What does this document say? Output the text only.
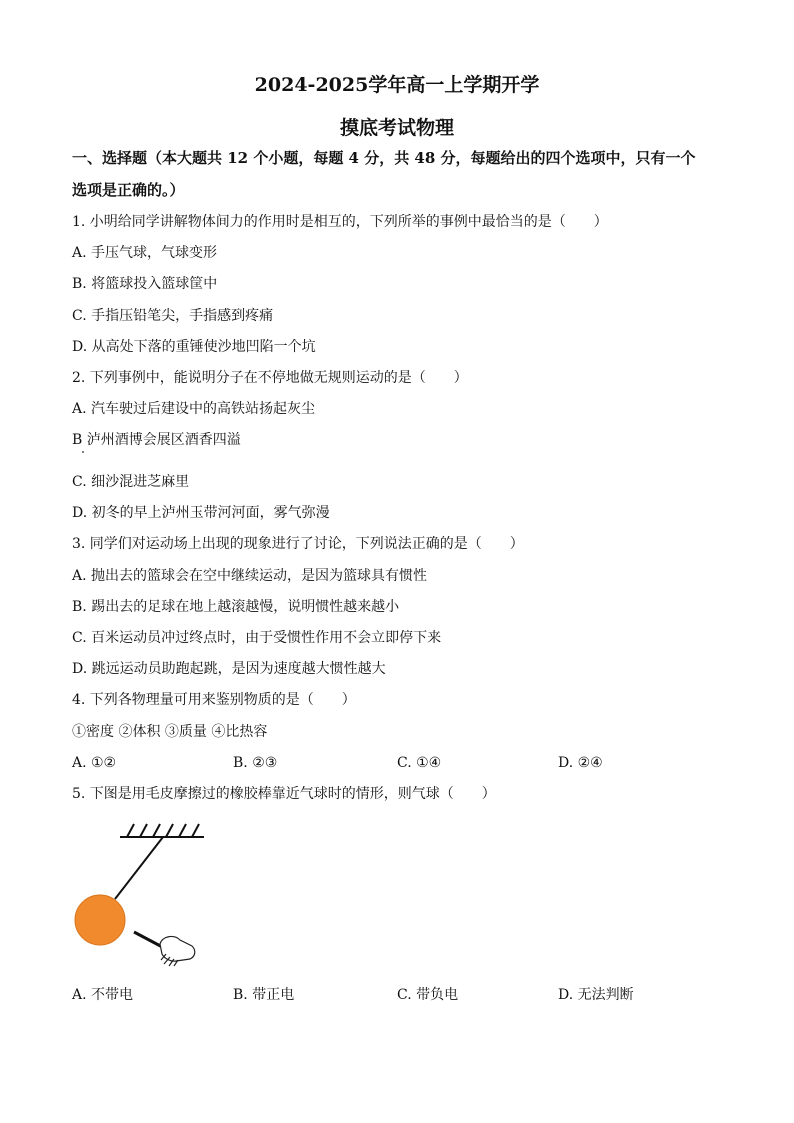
2024-2025学年高一上学期开学
摸底考试物理
一、选择题（本大题共 12 个小题，每题 4 分，共 48 分，每题给出的四个选项中，只有一个
选项是正确的。）
1. 小明给同学讲解物体间力的作用时是相互的，下列所举的事例中最恰当的是（　　）
A. 手压气球，气球变形
B. 将篮球投入篮球筐中
C. 手指压铅笔尖，手指感到疼痛
D. 从高处下落的重锤使沙地凹陷一个坑
2. 下列事例中，能说明分子在不停地做无规则运动的是（　　）
A. 汽车驶过后建设中的高铁站扬起灰尘
B 泸州酒博会展区酒香四溢
C. 细沙混进芝麻里
D. 初冬的早上泸州玉带河河面，雾气弥漫
3. 同学们对运动场上出现的现象进行了讨论，下列说法正确的是（　　）
A. 抛出去的篮球会在空中继续运动，是因为篮球具有惯性
B. 踢出去的足球在地上越滚越慢，说明惯性越来越小
C. 百米运动员冲过终点时，由于受惯性作用不会立即停下来
D. 跳远运动员助跑起跳，是因为速度越大惯性越大
4. 下列各物理量可用来鉴别物质的是（　　）
①密度 ②体积 ③质量 ④比热容
A. ①②	B. ②③	C. ①④	D. ②④
5. 下图是用毛皮摩擦过的橡胶棒靠近气球时的情形，则气球（　　）
A. 不带电	B. 带正电	C. 带负电	D. 无法判断
